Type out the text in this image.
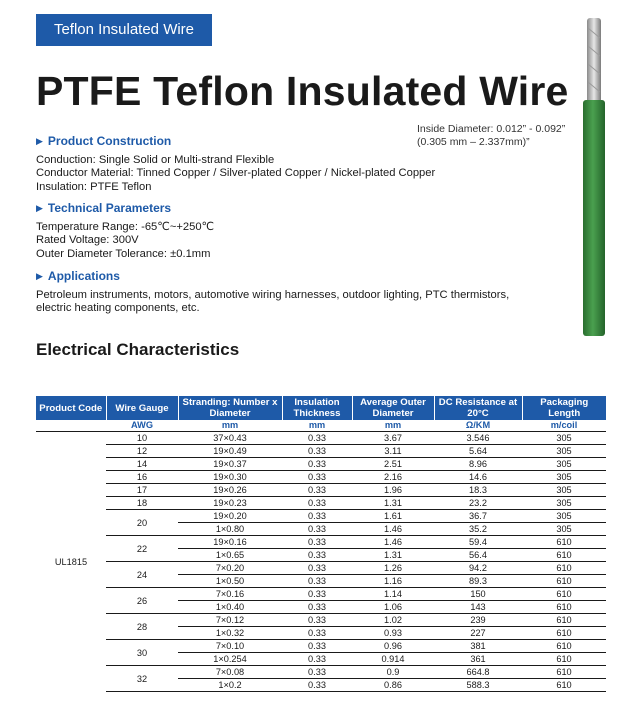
Teflon Insulated Wire
PTFE Teflon Insulated Wire
Inside Diameter: 0.012” - 0.092”
(0.305 mm – 2.337mm)”
▶ Product Construction
Conduction: Single Solid or Multi-strand Flexible
Conductor Material: Tinned Copper / Silver-plated Copper / Nickel-plated Copper
Insulation: PTFE Teflon
▶ Technical Parameters
Temperature Range: -65℃~+250℃
Rated Voltage: 300V
Outer Diameter Tolerance: ±0.1mm
▶ Applications
Petroleum instruments, motors, automotive wiring harnesses, outdoor lighting, PTC thermistors,
electric heating components, etc.
Electrical Characteristics
Product Code	Wire Gauge	Stranding: Number x Diameter	Insulation Thickness	Average Outer Diameter	DC Resistance at 20°C	Packaging Length
	AWG	mm	mm	mm	Ω/KM	m/coil
UL1815	10	37×0.43	0.33	3.67	3.546	305
	12	19×0.49	0.33	3.11	5.64	305
	14	19×0.37	0.33	2.51	8.96	305
	16	19×0.30	0.33	2.16	14.6	305
	17	19×0.26	0.33	1.96	18.3	305
	18	19×0.23	0.33	1.31	23.2	305
	20	19×0.20	0.33	1.61	36.7	305
		1×0.80	0.33	1.46	35.2	305
	22	19×0.16	0.33	1.46	59.4	610
		1×0.65	0.33	1.31	56.4	610
	24	7×0.20	0.33	1.26	94.2	610
		1×0.50	0.33	1.16	89.3	610
	26	7×0.16	0.33	1.14	150	610
		1×0.40	0.33	1.06	143	610
	28	7×0.12	0.33	1.02	239	610
		1×0.32	0.33	0.93	227	610
	30	7×0.10	0.33	0.96	381	610
		1×0.254	0.33	0.914	361	610
	32	7×0.08	0.33	0.9	664.8	610
		1×0.2	0.33	0.86	588.3	610
